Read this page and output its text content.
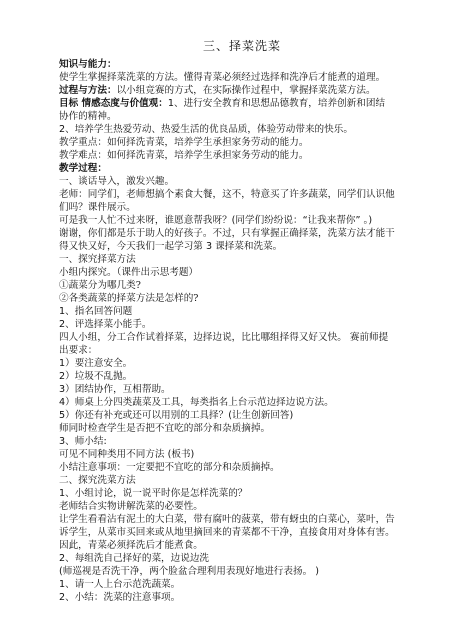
三、择菜洗菜
知识与能力：
使学生掌握择菜洗菜的方法。懂得青菜必须经过选择和洗净后才能煮的道理。
过程与方法：以小组竞赛的方式，在实际操作过程中，掌握择菜洗菜方法。
目标 情感态度与价值观：1、进行安全教育和思想品德教育，培养创新和团结
协作的精神。
2、培养学生热爱劳动、热爱生活的优良品质，体验劳动带来的快乐。
教学重点：如何择洗青菜，培养学生承担家务劳动的能力。
教学难点：如何择洗青菜，培养学生承担家务劳动的能力。
教学过程：
一、谈话导入，激发兴趣。
老师：同学们，老师想搞个素食大餐，这不，特意买了许多蔬菜，同学们认识他
们吗？课件展示。
可是我一人忙不过来呀，谁愿意帮我呀？(同学们纷纷说：“让我来帮你” 。)
谢谢，你们都是乐于助人的好孩子。不过，只有掌握正确择菜，洗菜方法才能干
得又快又好，今天我们一起学习第 3 课择菜和洗菜。
一、探究择菜方法
小组内探究。（课件出示思考题）
①蔬菜分为哪几类?
②各类蔬菜的择菜方法是怎样的?
1、指名回答问题
2、评选择菜小能手。
四人小组，分工合作试着择菜，边择边说，比比哪组择得又好又快。 赛前师提
出要求：
1）要注意安全。
2）垃圾不乱抛。
3）团结协作，互相帮助。
4）师桌上分四类蔬菜及工具，每类指名上台示范边择边说方法。
5）你还有补充或还可以用别的工具择？(让生创新回答)
师同时检查学生是否把不宜吃的部分和杂质摘掉。
3、师小结:
可见不同种类用不同方法 (板书)
小结注意事项：一定要把不宜吃的部分和杂质摘掉。
二、探究洗菜方法
1、小组讨论，说一说平时你是怎样洗菜的？
老师结合实物讲解洗菜的必要性。
让学生看看沾有泥土的大白菜，带有腐叶的菠菜，带有蚜虫的白菜心，菜叶，告
诉学生，从菜市买回来或从地里摘回来的青菜都不干净，直接食用对身体有害。
因此，青菜必须择洗后才能煮食。
2、每组洗自己择好的菜，边说边洗
(师巡视是否洗干净，两个脸盆合理利用表现好地进行表扬。 )
1、请一人上台示范洗蔬菜。
2、小结：洗菜的注意事项。
